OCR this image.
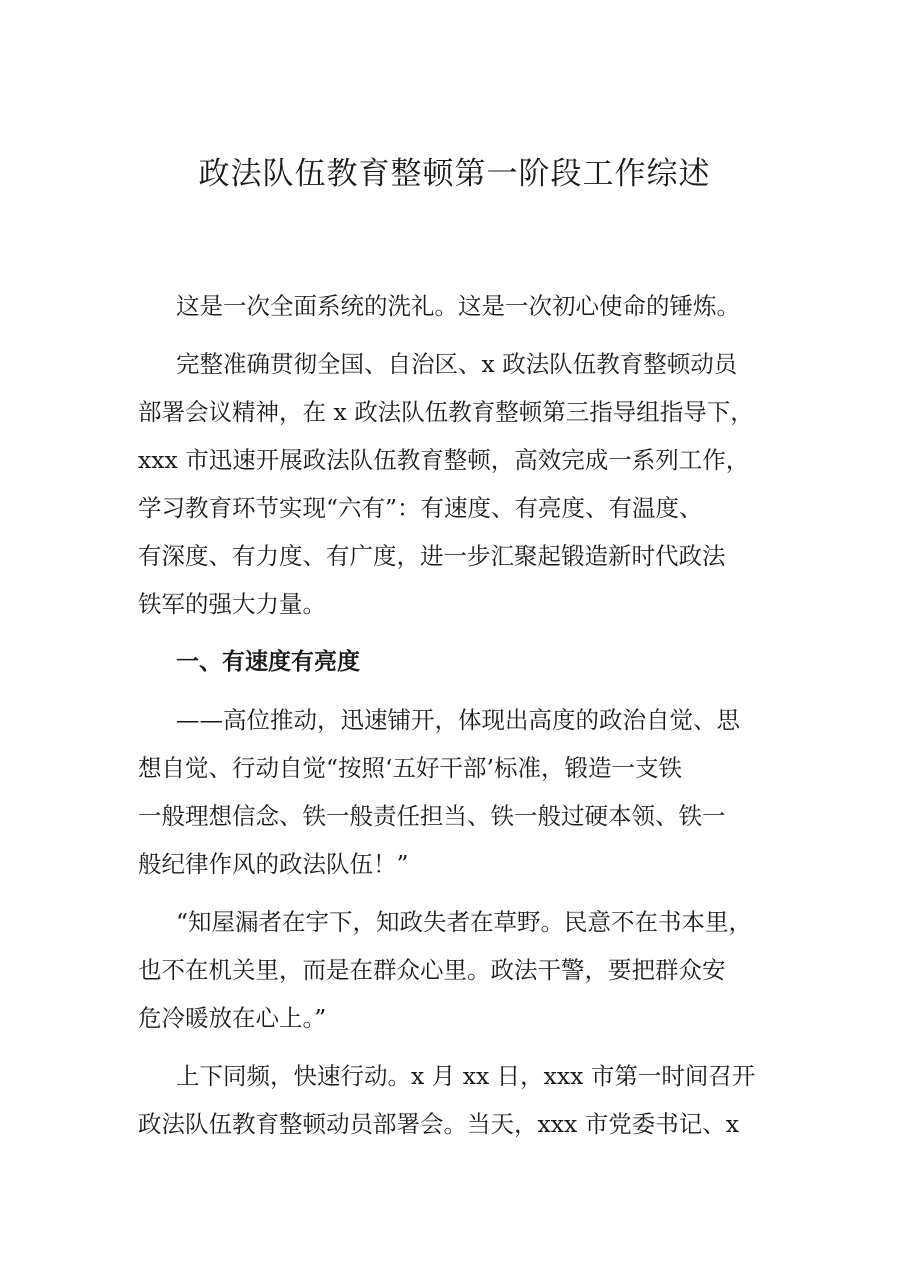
政法队伍教育整顿第一阶段工作综述

这是一次全面系统的洗礼。这是一次初心使命的锤炼。

完整准确贯彻全国、自治区、x 政法队伍教育整顿动员
部署会议精神，在 x 政法队伍教育整顿第三指导组指导下，
xxx 市迅速开展政法队伍教育整顿，高效完成一系列工作，
学习教育环节实现“六有”：有速度、有亮度、有温度、
有深度、有力度、有广度，进一步汇聚起锻造新时代政法
铁军的强大力量。

一、有速度有亮度

——高位推动，迅速铺开，体现出高度的政治自觉、思
想自觉、行动自觉“按照‘五好干部’标准，锻造一支铁
一般理想信念、铁一般责任担当、铁一般过硬本领、铁一
般纪律作风的政法队伍！”

“知屋漏者在宇下，知政失者在草野。民意不在书本里，
也不在机关里，而是在群众心里。政法干警，要把群众安
危冷暖放在心上。”

上下同频，快速行动。x 月 xx 日，xxx 市第一时间召开
政法队伍教育整顿动员部署会。当天，xxx 市党委书记、x
